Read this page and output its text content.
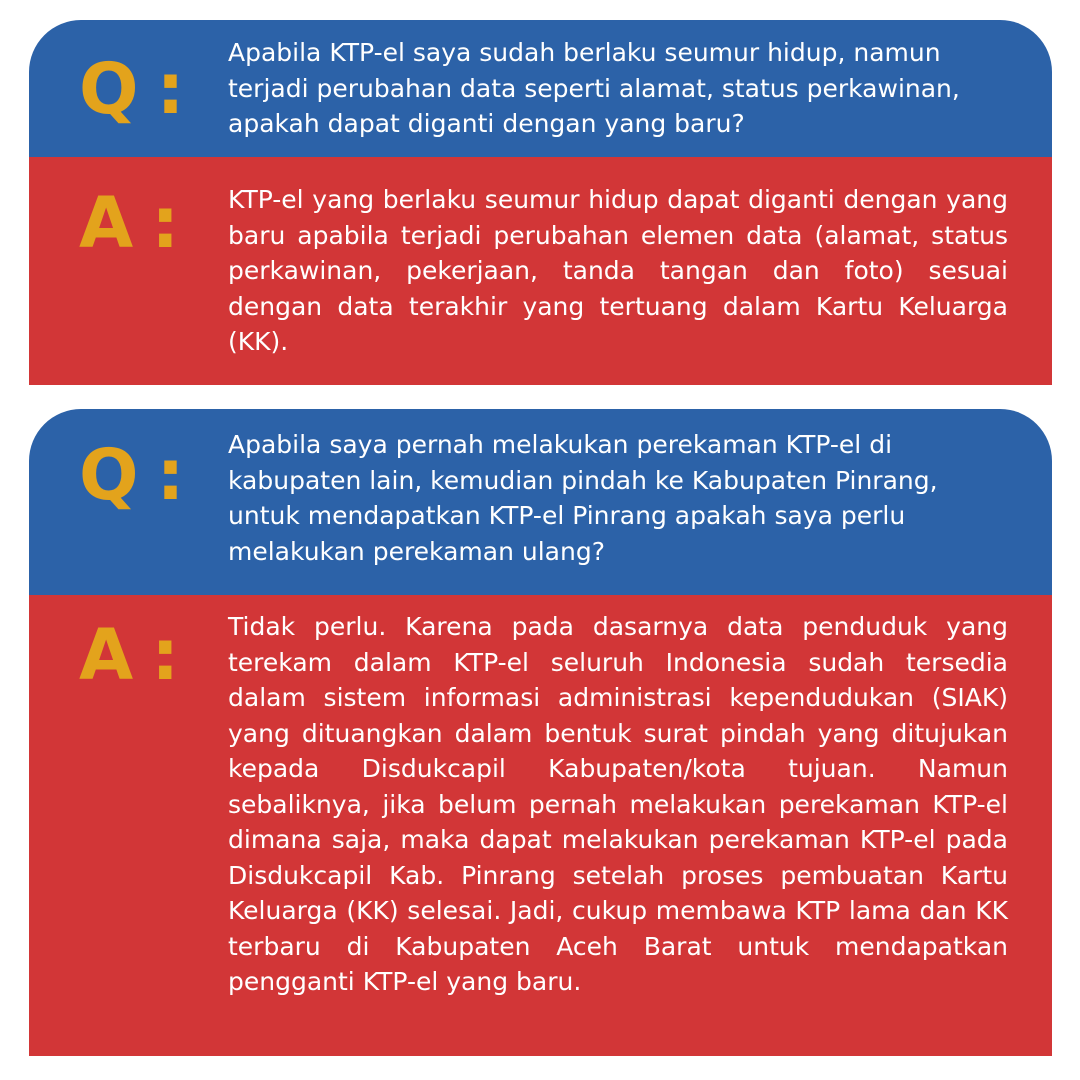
Q : Apabila KTP-el saya sudah berlaku seumur hidup, namun terjadi perubahan data seperti alamat, status perkawinan, apakah dapat diganti dengan yang baru?

A : KTP-el yang berlaku seumur hidup dapat diganti dengan yang baru apabila terjadi perubahan elemen data (alamat, status perkawinan, pekerjaan, tanda tangan dan foto) sesuai dengan data terakhir yang tertuang dalam Kartu Keluarga (KK).

Q : Apabila saya pernah melakukan perekaman KTP-el di kabupaten lain, kemudian pindah ke Kabupaten Pinrang, untuk mendapatkan KTP-el Pinrang apakah saya perlu melakukan perekaman ulang?

A : Tidak perlu. Karena pada dasarnya data penduduk yang terekam dalam KTP-el seluruh Indonesia sudah tersedia dalam sistem informasi administrasi kependudukan (SIAK) yang dituangkan dalam bentuk surat pindah yang ditujukan kepada Disdukcapil Kabupaten/kota tujuan. Namun sebaliknya, jika belum pernah melakukan perekaman KTP-el dimana saja, maka dapat melakukan perekaman KTP-el pada Disdukcapil Kab. Pinrang setelah proses pembuatan Kartu Keluarga (KK) selesai. Jadi, cukup membawa KTP lama dan KK terbaru di Kabupaten Aceh Barat untuk mendapatkan pengganti KTP-el yang baru.
